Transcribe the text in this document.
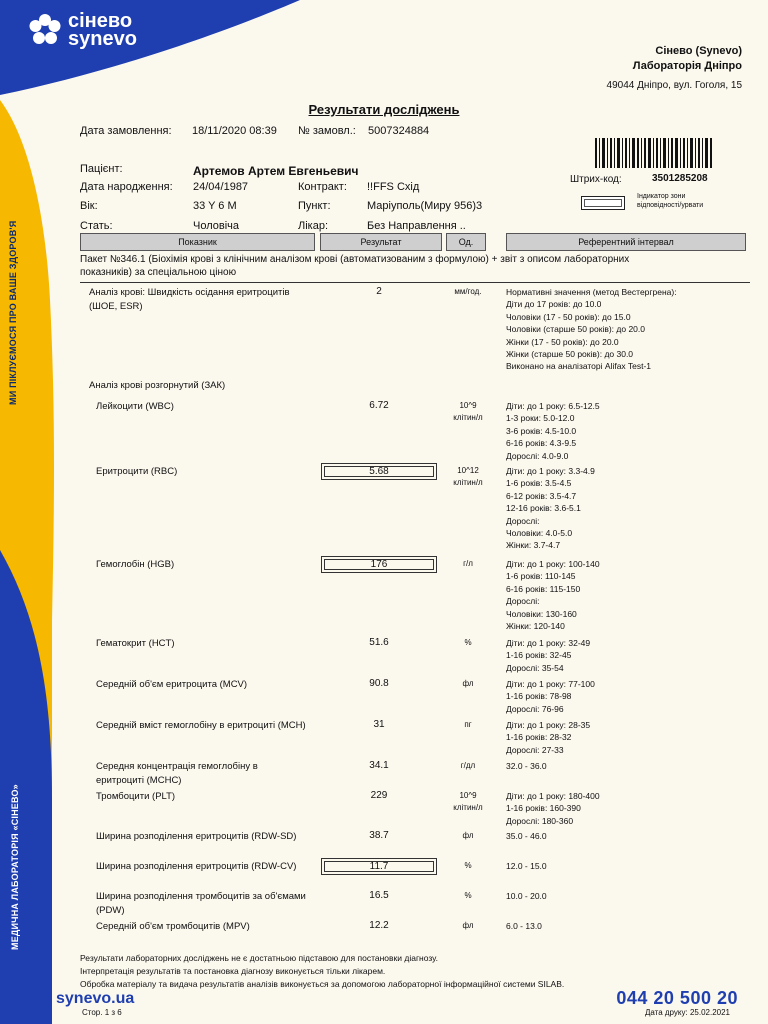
МИ ПІКЛУЄМОСЯ ПРО ВАШЕ ЗДОРОВ'Я
МЕДИЧНА ЛАБОРАТОРІЯ «СІНЕВО»
сінево
synevo
Сінево (Synevo)
Лабораторія Дніпро
49044 Дніпро, вул. Гоголя, 15
Результати досліджень
Дата замовлення: 18/11/2020 08:39 № замовл.: 5007324884
Штрих-код:	3501285208
Індикатор зони відповідності/урвати
Пацієнт:	Артемов Артем Евгеньевич
Дата народження: 24/04/1987	Контракт: !!FFS Схід
Вік:	33 Y 6 M	Пункт:	Маріуполь(Миру 956)3
Стать:	Чоловіча	Лікар:	Без Направлення ..
Показник	Результат	Од.	Референтний інтервал
Пакет №346.1 (Біохімія крові з клінічним аналізом крові (автоматизованим з формулою) + звіт з описом лабораторних показників) за спеціальною ціною
Аналіз крові: Швидкість осідання еритроцитів (ШОЕ, ESR)
2	мм/год.	Нормативні значення (метод Вестергрена):
Діти до 17 років: до 10.0
Чоловіки (17 - 50 років): до 15.0
Чоловіки (старше 50 років): до 20.0
Жінки (17 - 50 років): до 20.0
Жінки (старше 50 років): до 30.0
Виконано на аналізаторі Alifax Test-1
Аналіз крові розгорнутий (ЗАК)
Лейкоцити (WBC)	6.72	10^9
клітин/л
Діти: до 1 року: 6.5-12.5
1-3 роки: 5.0-12.0
3-6 років: 4.5-10.0
6-16 років: 4.3-9.5
Дорослі: 4.0-9.0
Еритроцити (RBC)	5.68	10^12
клітин/л
Діти: до 1 року: 3.3-4.9
1-6 років: 3.5-4.5
6-12 років: 3.5-4.7
12-16 років: 3.6-5.1
Дорослі:
Чоловіки: 4.0-5.0
Жінки: 3.7-4.7
Гемоглобін (HGB)	176	г/л	Діти: до 1 року: 100-140
1-6 років: 110-145
6-16 років: 115-150
Дорослі:
Чоловіки: 130-160
Жінки: 120-140
Гематокрит (HCT)	51.6	%	Діти: до 1 року: 32-49
1-16 років: 32-45
Дорослі: 35-54
Середній об'єм еритроцита (MCV)	90.8	фл	Діти: до 1 року: 77-100
1-16 років: 78-98
Дорослі: 76-96
Середній вміст гемоглобіну в еритроциті (MCH)	31	пг	Діти: до 1 року: 28-35
1-16 років: 28-32
Дорослі: 27-33
Середня концентрація гемоглобіну в еритроциті (MCHC)
34.1	г/дл	32.0 - 36.0
Тромбоцити (PLT)	229	10^9
клітин/л
Діти: до 1 року: 180-400
1-16 років: 160-390
Дорослі: 180-360
Ширина розподілення еритроцитів (RDW-SD)	38.7	фл	35.0 - 46.0
Ширина розподілення еритроцитів (RDW-CV)	11.7	%	12.0 - 15.0
Ширина розподілення тромбоцитів за об'ємами (PDW)
16.5	%	10.0 - 20.0
Середній об'єм тромбоцитів (MPV)	12.2	фл	6.0 - 13.0
Результати лабораторних досліджень не є достатньою підставою для постановки діагнозу.
Інтерпретація результатів та постановка діагнозу виконується тільки лікарем.
Обробка матеріалу та видача результатів аналізів виконується за допомогою лабораторної інформаційної системи SILAB.
synevo.ua
Стор. 1 з 6
044 20 500 20
Дата друку: 25.02.2021
